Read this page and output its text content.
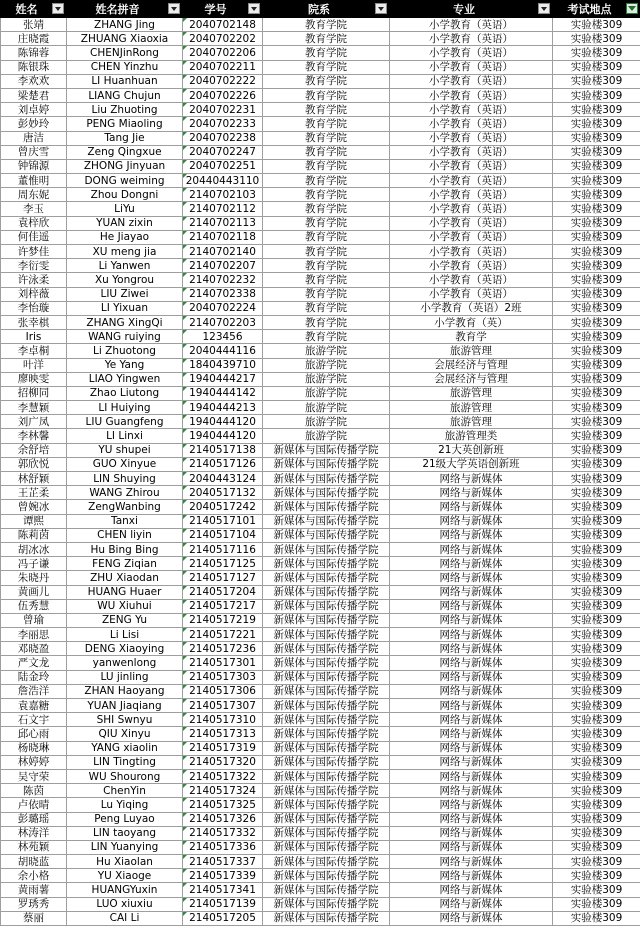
姓名	姓名拼音	学号	院系	专业	考试地点

张靖	ZHANG Jing	2040702148	教育学院	小学教育（英语）	实验楼309
庄晓霞	ZHUANG Xiaoxia	2040702202	教育学院	小学教育（英语）	实验楼309
陈锦蓉	CHENJinRong	2040702206	教育学院	小学教育（英语）	实验楼309
陈银珠	CHEN Yinzhu	2040702211	教育学院	小学教育（英语）	实验楼309
李欢欢	LI Huanhuan	2040702222	教育学院	小学教育（英语）	实验楼309
梁楚君	LIANG Chujun	2040702226	教育学院	小学教育（英语）	实验楼309
刘卓婷	Liu Zhuoting	2040702231	教育学院	小学教育（英语）	实验楼309
彭妙玲	PENG Miaoling	2040702233	教育学院	小学教育（英语）	实验楼309
唐洁	Tang Jie	2040702238	教育学院	小学教育（英语）	实验楼309
曾庆雪	Zeng Qingxue	2040702247	教育学院	小学教育（英语）	实验楼309
钟锦源	ZHONG Jinyuan	2040702251	教育学院	小学教育（英语）	实验楼309
董惟明	DONG weiming	20440443110	教育学院	小学教育（英语）	实验楼309
周东妮	Zhou Dongni	2140702103	教育学院	小学教育（英语）	实验楼309
李玉	LiYu	2140702112	教育学院	小学教育（英语）	实验楼309
袁梓欣	YUAN zixin	2140702113	教育学院	小学教育（英语）	实验楼309
何佳遥	He Jiayao	2140702118	教育学院	小学教育（英语）	实验楼309
许梦佳	XU meng jia	2140702140	教育学院	小学教育（英语）	实验楼309
李衍雯	Li Yanwen	2140702207	教育学院	小学教育（英语）	实验楼309
许泳柔	Xu Yongrou	2140702232	教育学院	小学教育（英语）	实验楼309
刘梓薇	LIU Ziwei	2140702338	教育学院	小学教育（英语）	实验楼309
李怡璇	LI Yixuan	2040702224	教育学院	小学教育（英语）2班	实验楼309
张幸棋	ZHANG XingQi	2140702203	教育学院	小学教育（英）	实验楼309
Iris	WANG ruiying	123456	教育学院	教育学	实验楼309
李卓桐	Li Zhuotong	2040444116	旅游学院	旅游管理	实验楼309
叶洋	Ye Yang	1840439710	旅游学院	会展经济与管理	实验楼309
廖映雯	LIAO Yingwen	1940444217	旅游学院	会展经济与管理	实验楼309
招柳同	Zhao Liutong	1940444142	旅游学院	旅游管理	实验楼309
李慧颖	LI Huiying	1940444213	旅游学院	旅游管理	实验楼309
刘广凤	LIU Guangfeng	1940444120	旅游学院	旅游管理	实验楼309
李林馨	LI Linxi	1940444120	旅游学院	旅游管理类	实验楼309
余舒培	YU shupei	2140517138	新媒体与国际传播学院	21大英创新班	实验楼309
郭欣悦	GUO Xinyue	2140517126	新媒体与国际传播学院	21级大学英语创新班	实验楼309
林舒颖	LIN Shuying	2040443124	新媒体与国际传播学院	网络与新媒体	实验楼309
王芷柔	WANG Zhirou	2040517132	新媒体与国际传播学院	网络与新媒体	实验楼309
曾婉冰	ZengWanbing	2040517242	新媒体与国际传播学院	网络与新媒体	实验楼309
谭熙	Tanxi	2140517101	新媒体与国际传播学院	网络与新媒体	实验楼309
陈莉茵	CHEN liyin	2140517104	新媒体与国际传播学院	网络与新媒体	实验楼309
胡冰冰	Hu Bing Bing	2140517116	新媒体与国际传播学院	网络与新媒体	实验楼309
冯子谦	FENG Ziqian	2140517125	新媒体与国际传播学院	网络与新媒体	实验楼309
朱晓丹	ZHU Xiaodan	2140517127	新媒体与国际传播学院	网络与新媒体	实验楼309
黄画儿	HUANG Huaer	2140517204	新媒体与国际传播学院	网络与新媒体	实验楼309
伍秀慧	WU Xiuhui	2140517217	新媒体与国际传播学院	网络与新媒体	实验楼309
曾瑜	ZENG Yu	2140517219	新媒体与国际传播学院	网络与新媒体	实验楼309
李丽思	Li Lisi	2140517221	新媒体与国际传播学院	网络与新媒体	实验楼309
邓晓盈	DENG Xiaoying	2140517236	新媒体与国际传播学院	网络与新媒体	实验楼309
严文龙	yanwenlong	2140517301	新媒体与国际传播学院	网络与新媒体	实验楼309
陆金玲	LU jinling	2140517303	新媒体与国际传播学院	网络与新媒体	实验楼309
詹浩洋	ZHAN Haoyang	2140517306	新媒体与国际传播学院	网络与新媒体	实验楼309
袁嘉糖	YUAN Jiaqiang	2140517307	新媒体与国际传播学院	网络与新媒体	实验楼309
石文宇	SHI Swnyu	2140517310	新媒体与国际传播学院	网络与新媒体	实验楼309
邱心雨	QIU Xinyu	2140517313	新媒体与国际传播学院	网络与新媒体	实验楼309
杨晓琳	YANG xiaolin	2140517319	新媒体与国际传播学院	网络与新媒体	实验楼309
林婷婷	LIN Tingting	2140517320	新媒体与国际传播学院	网络与新媒体	实验楼309
吴守荣	WU Shourong	2140517322	新媒体与国际传播学院	网络与新媒体	实验楼309
陈茵	ChenYin	2140517324	新媒体与国际传播学院	网络与新媒体	实验楼309
卢依晴	Lu Yiqing	2140517325	新媒体与国际传播学院	网络与新媒体	实验楼309
彭璐瑶	Peng Luyao	2140517326	新媒体与国际传播学院	网络与新媒体	实验楼309
林涛洋	LIN taoyang	2140517332	新媒体与国际传播学院	网络与新媒体	实验楼309
林苑颖	LIN Yuanying	2140517336	新媒体与国际传播学院	网络与新媒体	实验楼309
胡晓蓝	Hu Xiaolan	2140517337	新媒体与国际传播学院	网络与新媒体	实验楼309
余小格	YU Xiaoge	2140517339	新媒体与国际传播学院	网络与新媒体	实验楼309
黄雨薯	HUANGYuxin	2140517341	新媒体与国际传播学院	网络与新媒体	实验楼309
罗琇秀	LUO xiuxiu	2140517139	新媒体与国际传播学院	网络与新媒体	实验楼309
蔡丽	CAI Li	2140517205	新媒体与国际传播学院	网络与新媒体	实验楼309
